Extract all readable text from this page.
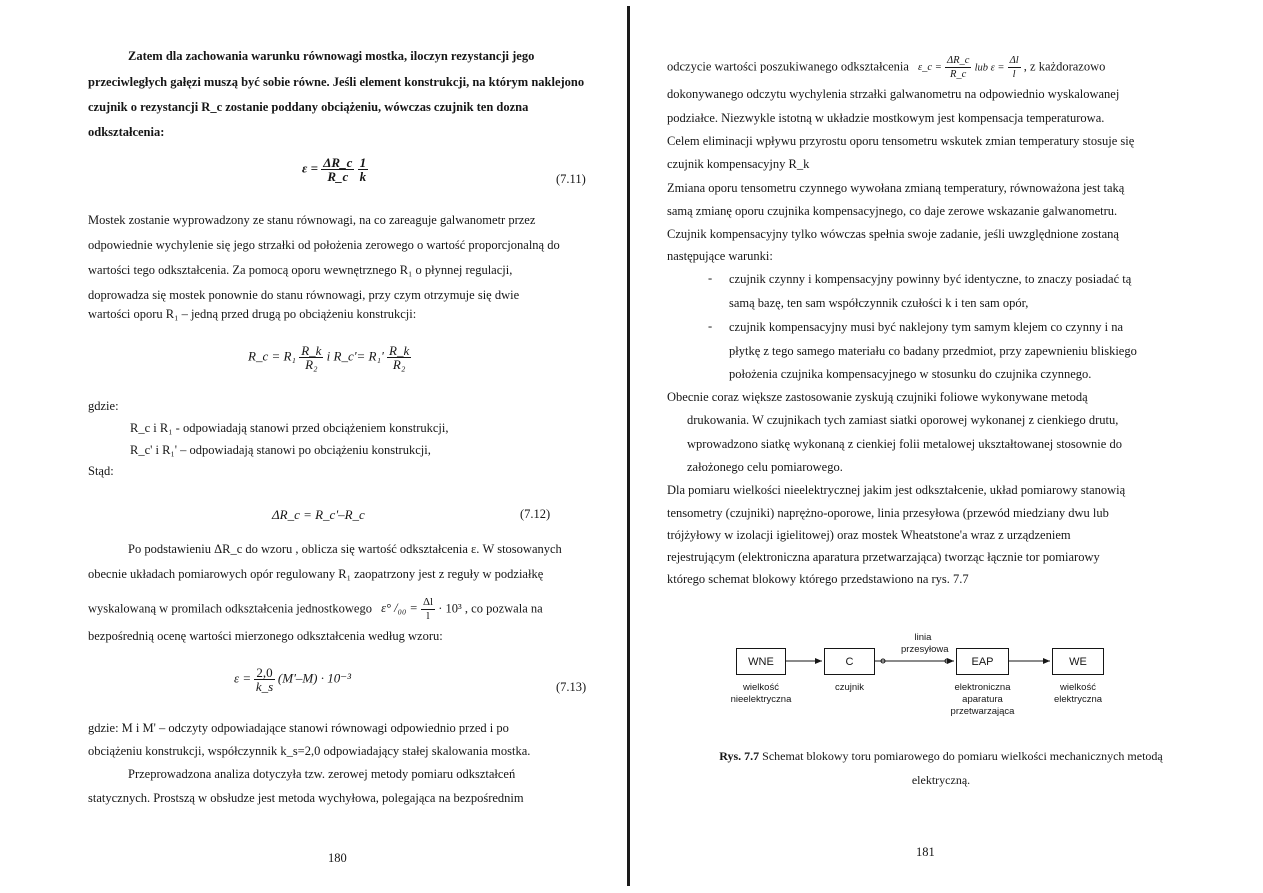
Zatem dla zachowania warunku równowagi mostka, iloczyn rezystancji jego
przeciwległych gałęzi muszą być sobie równe. Jeśli element konstrukcji, na którym naklejono
czujnik o rezystancji R_c zostanie poddany obciążeniu, wówczas czujnik ten dozna
odkształcenia:
$\varepsilon = \frac{\Delta R\_c}{R\_c}$
$\frac{1}{k}$	(7.11)
Mostek zostanie wyprowadzony ze stanu równowagi, na co zareaguje galwanometr przez
odpowiednie wychylenie się jego strzałki od położenia zerowego o wartość proporcjonalną do
wartości tego odkształcenia. Za pomocą oporu wewnętrznego R₁ o płynnej regulacji,
doprowadza się mostek ponownie do stanu równowagi, przy czym otrzymuje się dwie
wartości oporu R₁ – jedną przed drugą po obciążeniu konstrukcji:
R_c = $R_1 \frac{R\_k}{\text{R₂}}$ i R_c'= $R_1' \frac{R\_k}{\text{R₂}}$
gdzie:
R_c i R₁ - odpowiadają stanowi przed obciążeniem konstrukcji,
R_c' i R₁' – odpowiadają stanowi po obciążeniu konstrukcji,
Stąd:
ΔR_c = R_c'–R_c	(7.12)
Po podstawieniu ΔR_c do wzoru , oblicza się wartość odkształcenia ε. W stosowanych
obecnie układach pomiarowych opór regulowany R₁ zaopatrzony jest z reguły w podziałkę
wyskalowaną w promilach odkształcenia jednostkowego ε° $/_{00} = \frac{\Delta l}{l} \cdot 10^3$ , co pozwala na
bezpośrednią ocenę wartości mierzonego odkształcenia według wzoru:
$\varepsilon = \frac{2,0}{k\_s} (M'-M) \cdot 10^{-3}$
(7.13)
gdzie: M i M' – odczyty odpowiadające stanowi równowagi odpowiednio przed i po
obciążeniu konstrukcji, współczynnik k_s=2,0 odpowiadający stałej skalowania mostka.
Przeprowadzona analiza dotyczyła tzw. zerowej metody pomiaru odkształceń
statycznych. Prostszą w obsłudze jest metoda wychyłowa, polegająca na bezpośrednim
180
odczycie wartości poszukiwanego odkształcenia ε_c = $\frac{\Delta R\_c}{R\_c}$ lub $\varepsilon = \frac{\Delta l}{l}$ , z każdorazowo
dokonywanego odczytu wychylenia strzałki galwanometru na odpowiednio wyskalowanej
podziałce. Niezwykle istotną w układzie mostkowym jest kompensacja temperaturowa.
Celem eliminacji wpływu przyrostu oporu tensometru wskutek zmian temperatury stosuje się
czujnik kompensacyjny R_k
Zmiana oporu tensometru czynnego wywołana zmianą temperatury, równoważona jest taką
samą zmianę oporu czujnika kompensacyjnego, co daje zerowe wskazanie galwanometru.
Czujnik kompensacyjny tylko wówczas spełnia swoje zadanie, jeśli uwzględnione zostaną
następujące warunki:
- czujnik czynny i kompensacyjny powinny być identyczne, to znaczy posiadać tą
samą bazę, ten sam współczynnik czułości k i ten sam opór,
- czujnik kompensacyjny musi być naklejony tym samym klejem co czynny i na
płytkę z tego samego materiału co badany przedmiot, przy zapewnieniu bliskiego
położenia czujnika kompensacyjnego w stosunku do czujnika czynnego.
Obecnie coraz większe zastosowanie zyskują czujniki foliowe wykonywane metodą
drukowania. W czujnikach tych zamiast siatki oporowej wykonanej z cienkiego drutu,
wprowadzono siatkę wykonaną z cienkiej folii metalowej ukształtowanej stosownie do
założonego celu pomiarowego.
Dla pomiaru wielkości nieelektrycznej jakim jest odkształcenie, układ pomiarowy stanowią
tensometry (czujniki) naprężno-oporowe, linia przesyłowa (przewód miedziany dwu lub
trójżyłowy w izolacji igielitowej) oraz mostek Wheatstone'a wraz z urządzeniem
rejestrującym (elektroniczna aparatura przetwarzająca) tworząc łącznie tor pomiarowy
którego schemat blokowy którego przedstawiono na rys. 7.7
WNE	C	EAP	WE
linia
przesyłowa
wielkość
nieelektryczna
czujnik	elektroniczna
aparatura
przetwarzająca
wielkość
elektryczna
Rys. 7.7 Schemat blokowy toru pomiarowego do pomiaru wielkości mechanicznych metodą
elektryczną.
181
